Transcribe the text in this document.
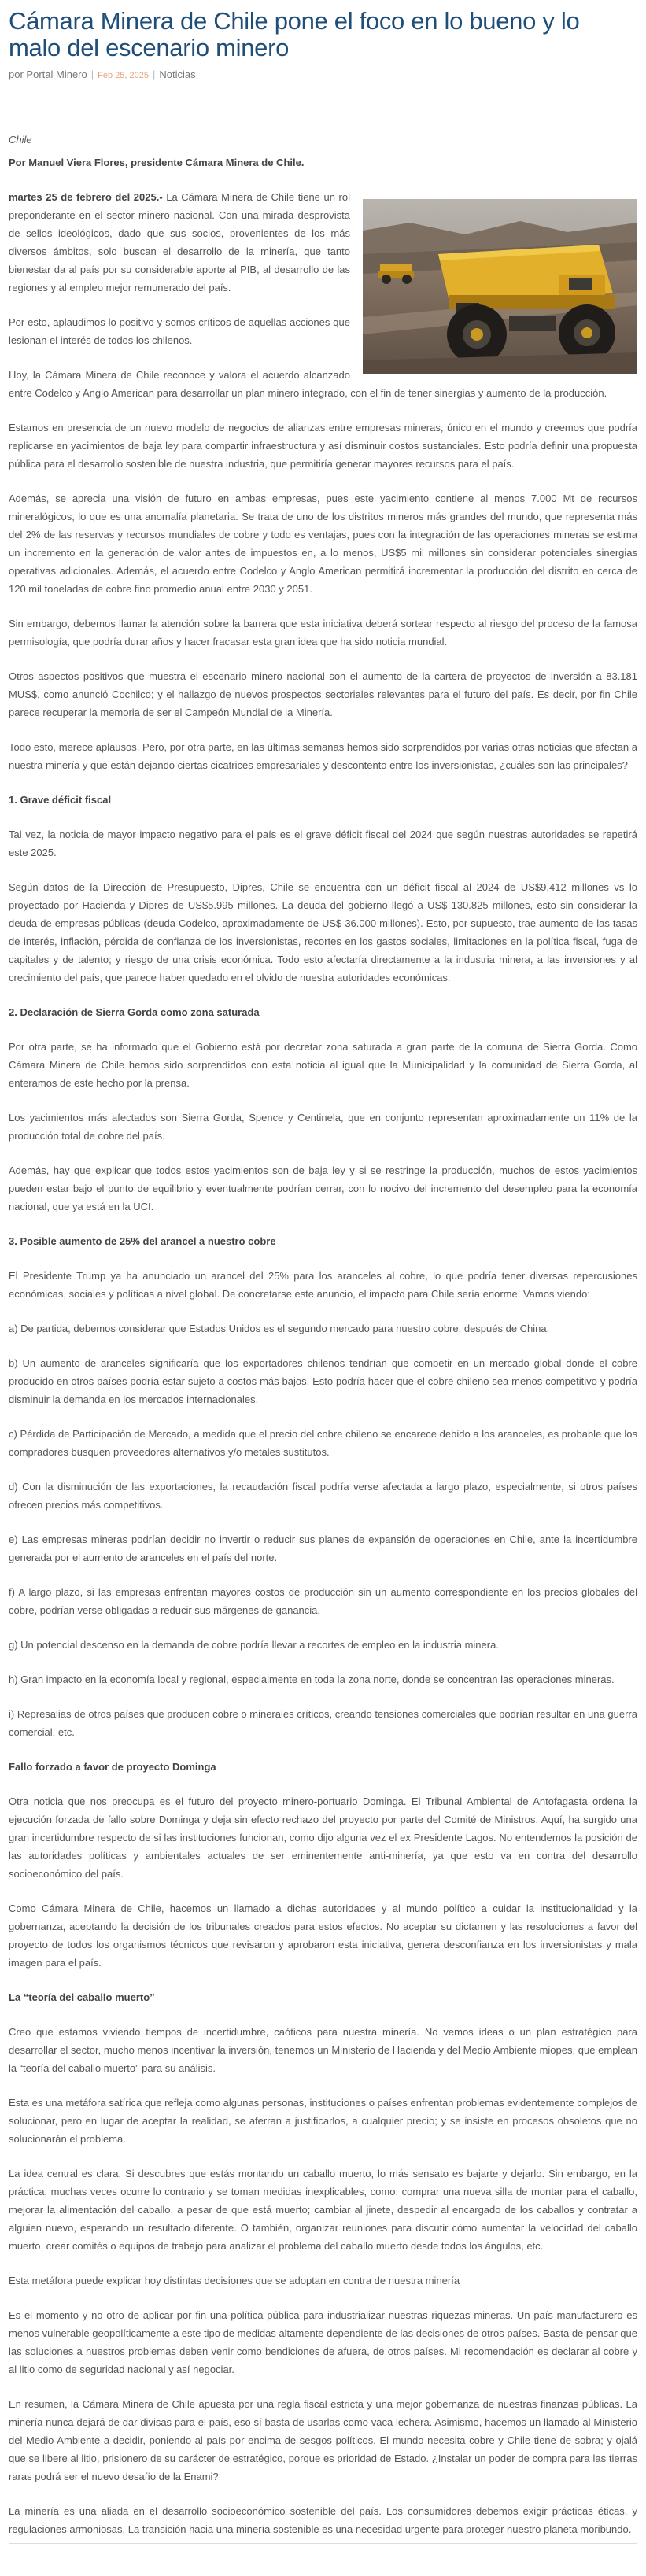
Cámara Minera de Chile pone el foco en lo bueno y lo malo del escenario minero
por Portal Minero | Feb 25, 2025 | Noticias

Chile

Por Manuel Viera Flores, presidente Cámara Minera de Chile.

martes 25 de febrero del 2025.- La Cámara Minera de Chile tiene un rol preponderante en el sector minero nacional. Con una mirada desprovista de sellos ideológicos, dado que sus socios, provenientes de los más diversos ámbitos, solo buscan el desarrollo de la minería, que tanto bienestar da al país por su considerable aporte al PIB, al desarrollo de las regiones y al empleo mejor remunerado del país.

Por esto, aplaudimos lo positivo y somos críticos de aquellas acciones que lesionan el interés de todos los chilenos.

Hoy, la Cámara Minera de Chile reconoce y valora el acuerdo alcanzado entre Codelco y Anglo American para desarrollar un plan minero integrado, con el fin de tener sinergias y aumento de la producción.

Estamos en presencia de un nuevo modelo de negocios de alianzas entre empresas mineras, único en el mundo y creemos que podría replicarse en yacimientos de baja ley para compartir infraestructura y así disminuir costos sustanciales. Esto podría definir una propuesta pública para el desarrollo sostenible de nuestra industria, que permitiría generar mayores recursos para el país.

Además, se aprecia una visión de futuro en ambas empresas, pues este yacimiento contiene al menos 7.000 Mt de recursos mineralógicos, lo que es una anomalía planetaria. Se trata de uno de los distritos mineros más grandes del mundo, que representa más del 2% de las reservas y recursos mundiales de cobre y todo es ventajas, pues con la integración de las operaciones mineras se estima un incremento en la generación de valor antes de impuestos en, a lo menos, US$5 mil millones sin considerar potenciales sinergias operativas adicionales. Además, el acuerdo entre Codelco y Anglo American permitirá incrementar la producción del distrito en cerca de 120 mil toneladas de cobre fino promedio anual entre 2030 y 2051.

Sin embargo, debemos llamar la atención sobre la barrera que esta iniciativa deberá sortear respecto al riesgo del proceso de la famosa permisología, que podría durar años y hacer fracasar esta gran idea que ha sido noticia mundial.

Otros aspectos positivos que muestra el escenario minero nacional son el aumento de la cartera de proyectos de inversión a 83.181 MUS$, como anunció Cochilco; y el hallazgo de nuevos prospectos sectoriales relevantes para el futuro del país. Es decir, por fin Chile parece recuperar la memoria de ser el Campeón Mundial de la Minería.

Todo esto, merece aplausos. Pero, por otra parte, en las últimas semanas hemos sido sorprendidos por varias otras noticias que afectan a nuestra minería y que están dejando ciertas cicatrices empresariales y descontento entre los inversionistas, ¿cuáles son las principales?

1. Grave déficit fiscal

Tal vez, la noticia de mayor impacto negativo para el país es el grave déficit fiscal del 2024 que según nuestras autoridades se repetirá este 2025.

Según datos de la Dirección de Presupuesto, Dipres, Chile se encuentra con un déficit fiscal al 2024 de US$9.412 millones vs lo proyectado por Hacienda y Dipres de US$5.995 millones. La deuda del gobierno llegó a US$ 130.825 millones, esto sin considerar la deuda de empresas públicas (deuda Codelco, aproximadamente de US$ 36.000 millones). Esto, por supuesto, trae aumento de las tasas de interés, inflación, pérdida de confianza de los inversionistas, recortes en los gastos sociales, limitaciones en la política fiscal, fuga de capitales y de talento; y riesgo de una crisis económica. Todo esto afectaría directamente a la industria minera, a las inversiones y al crecimiento del país, que parece haber quedado en el olvido de nuestra autoridades económicas.

2. Declaración de Sierra Gorda como zona saturada

Por otra parte, se ha informado que el Gobierno está por decretar zona saturada a gran parte de la comuna de Sierra Gorda. Como Cámara Minera de Chile hemos sido sorprendidos con esta noticia al igual que la Municipalidad y la comunidad de Sierra Gorda, al enteramos de este hecho por la prensa.

Los yacimientos más afectados son Sierra Gorda, Spence y Centinela, que en conjunto representan aproximadamente un 11% de la producción total de cobre del país.

Además, hay que explicar que todos estos yacimientos son de baja ley y si se restringe la producción, muchos de estos yacimientos pueden estar bajo el punto de equilibrio y eventualmente podrían cerrar, con lo nocivo del incremento del desempleo para la economía nacional, que ya está en la UCI.

3. Posible aumento de 25% del arancel a nuestro cobre

El Presidente Trump ya ha anunciado un arancel del 25% para los aranceles al cobre, lo que podría tener diversas repercusiones económicas, sociales y políticas a nivel global. De concretarse este anuncio, el impacto para Chile sería enorme. Vamos viendo:

a) De partida, debemos considerar que Estados Unidos es el segundo mercado para nuestro cobre, después de China.

b) Un aumento de aranceles significaría que los exportadores chilenos tendrían que competir en un mercado global donde el cobre producido en otros países podría estar sujeto a costos más bajos. Esto podría hacer que el cobre chileno sea menos competitivo y podría disminuir la demanda en los mercados internacionales.

c) Pérdida de Participación de Mercado, a medida que el precio del cobre chileno se encarece debido a los aranceles, es probable que los compradores busquen proveedores alternativos y/o metales sustitutos.

d) Con la disminución de las exportaciones, la recaudación fiscal podría verse afectada a largo plazo, especialmente, si otros países ofrecen precios más competitivos.

e) Las empresas mineras podrían decidir no invertir o reducir sus planes de expansión de operaciones en Chile, ante la incertidumbre generada por el aumento de aranceles en el país del norte.

f) A largo plazo, si las empresas enfrentan mayores costos de producción sin un aumento correspondiente en los precios globales del cobre, podrían verse obligadas a reducir sus márgenes de ganancia.

g) Un potencial descenso en la demanda de cobre podría llevar a recortes de empleo en la industria minera.

h) Gran impacto en la economía local y regional, especialmente en toda la zona norte, donde se concentran las operaciones mineras.

i) Represalias de otros países que producen cobre o minerales críticos, creando tensiones comerciales que podrían resultar en una guerra comercial, etc.

Fallo forzado a favor de proyecto Dominga

Otra noticia que nos preocupa es el futuro del proyecto minero-portuario Dominga. El Tribunal Ambiental de Antofagasta ordena la ejecución forzada de fallo sobre Dominga y deja sin efecto rechazo del proyecto por parte del Comité de Ministros. Aquí, ha surgido una gran incertidumbre respecto de si las instituciones funcionan, como dijo alguna vez el ex Presidente Lagos. No entendemos la posición de las autoridades políticas y ambientales actuales de ser eminentemente anti-minería, ya que esto va en contra del desarrollo socioeconómico del país.

Como Cámara Minera de Chile, hacemos un llamado a dichas autoridades y al mundo político a cuidar la institucionalidad y la gobernanza, aceptando la decisión de los tribunales creados para estos efectos. No aceptar su dictamen y las resoluciones a favor del proyecto de todos los organismos técnicos que revisaron y aprobaron esta iniciativa, genera desconfianza en los inversionistas y mala imagen para el país.

La “teoría del caballo muerto”

Creo que estamos viviendo tiempos de incertidumbre, caóticos para nuestra minería. No vemos ideas o un plan estratégico para desarrollar el sector, mucho menos incentivar la inversión, tenemos un Ministerio de Hacienda y del Medio Ambiente miopes, que emplean la “teoría del caballo muerto” para su análisis.

Esta es una metáfora satírica que refleja como algunas personas, instituciones o países enfrentan problemas evidentemente complejos de solucionar, pero en lugar de aceptar la realidad, se aferran a justificarlos, a cualquier precio; y se insiste en procesos obsoletos que no solucionarán el problema.

La idea central es clara. Si descubres que estás montando un caballo muerto, lo más sensato es bajarte y dejarlo. Sin embargo, en la práctica, muchas veces ocurre lo contrario y se toman medidas inexplicables, como: comprar una nueva silla de montar para el caballo, mejorar la alimentación del caballo, a pesar de que está muerto; cambiar al jinete, despedir al encargado de los caballos y contratar a alguien nuevo, esperando un resultado diferente. O también, organizar reuniones para discutir cómo aumentar la velocidad del caballo muerto, crear comités o equipos de trabajo para analizar el problema del caballo muerto desde todos los ángulos, etc.

Esta metáfora puede explicar hoy distintas decisiones que se adoptan en contra de nuestra minería

Es el momento y no otro de aplicar por fin una política pública para industrializar nuestras riquezas mineras. Un país manufacturero es menos vulnerable geopolíticamente a este tipo de medidas altamente dependiente de las decisiones de otros países. Basta de pensar que las soluciones a nuestros problemas deben venir como bendiciones de afuera, de otros países. Mi recomendación es declarar al cobre y al litio como de seguridad nacional y así negociar.

En resumen, la Cámara Minera de Chile apuesta por una regla fiscal estricta y una mejor gobernanza de nuestras finanzas públicas. La minería nunca dejará de dar divisas para el país, eso sí basta de usarlas como vaca lechera. Asimismo, hacemos un llamado al Ministerio del Medio Ambiente a decidir, poniendo al país por encima de sesgos políticos. El mundo necesita cobre y Chile tiene de sobra; y ojalá que se libere al litio, prisionero de su carácter de estratégico, porque es prioridad de Estado. ¿Instalar un poder de compra para las tierras raras podrá ser el nuevo desafío de la Enami?

La minería es una aliada en el desarrollo socioeconómico sostenible del país. Los consumidores debemos exigir prácticas éticas, y regulaciones armoniosas. La transición hacia una minería sostenible es una necesidad urgente para proteger nuestro planeta moribundo.
